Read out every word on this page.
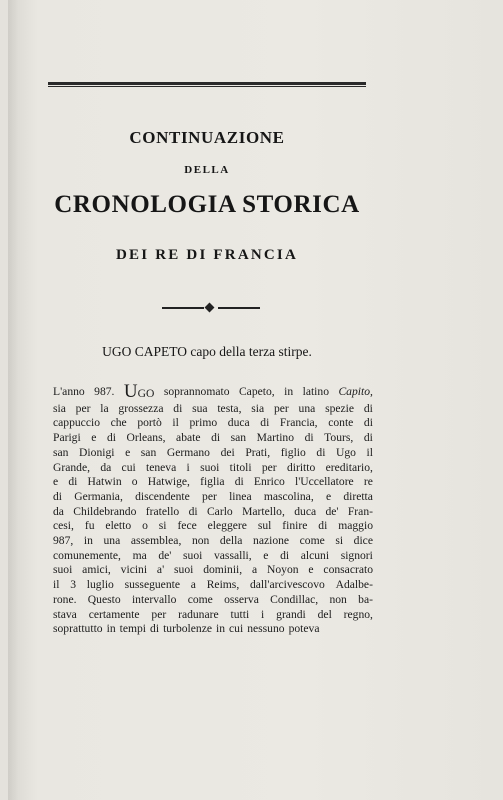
CONTINUAZIONE
DELLA
CRONOLOGIA STORICA
DEI RE DI FRANCIA
UGO CAPETO capo della terza stirpe.
L'anno 987. UGO soprannomato Capeto, in latino Capito,
sia per la grossezza di sua testa, sia per una spezie di
cappuccio che portò il primo duca di Francia, conte di
Parigi e di Orleans, abate di san Martino di Tours, di
san Dionigi e san Germano dei Prati, figlio di Ugo il
Grande, da cui teneva i suoi titoli per diritto ereditario,
e di Hatwin o Hatwige, figlia di Enrico l'Uccellatore re
di Germania, discendente per linea mascolina, e diretta
da Childebrando fratello di Carlo Martello, duca de' Fran-
cesi, fu eletto o si fece eleggere sul finire di maggio
987, in una assemblea, non della nazione come si dice
comunemente, ma de' suoi vassalli, e di alcuni signori
suoi amici, vicini a' suoi dominii, a Noyon e consacrato
il 3 luglio susseguente a Reims, dall'arcivescovo Adalbe-
rone. Questo intervallo come osserva Condillac, non ba-
stava certamente per radunare tutti i grandi del regno,
soprattutto in tempi di turbolenze in cui nessuno poteva
